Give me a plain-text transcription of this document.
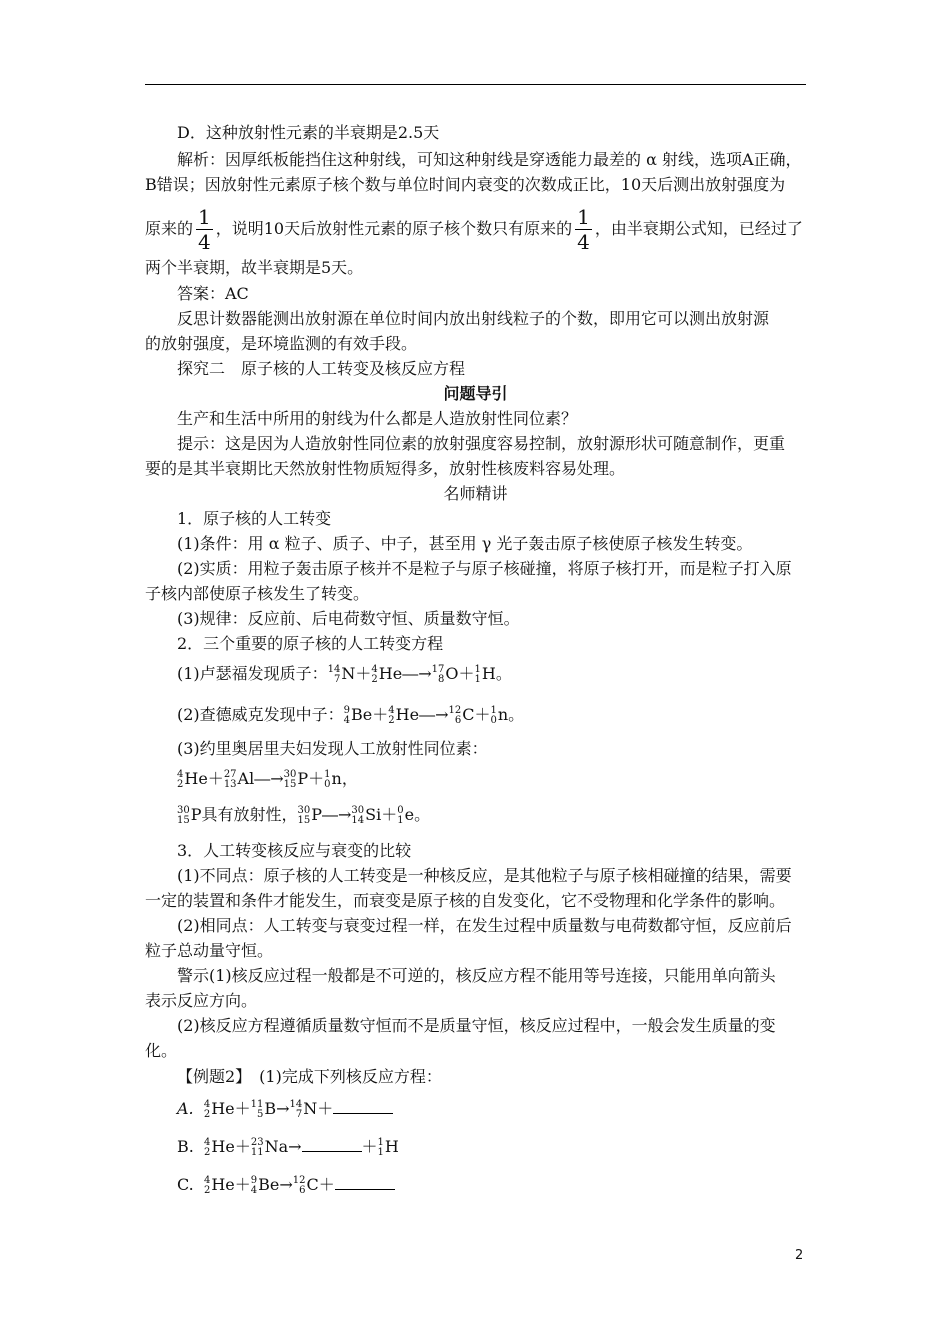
D．这种放射性元素的半衰期是2.5天
解析：因厚纸板能挡住这种射线，可知这种射线是穿透能力最差的 α 射线，选项A正确，
B错误；因放射性元素原子核个数与单位时间内衰变的次数成正比，10天后测出放射强度为
原来的 $\frac{1}{4}$ ，说明10天后放射性元素的原子核个数只有原来的 $\frac{1}{4}$ ，由半衰期公式知，已经过了
两个半衰期，故半衰期是5天。
答案：AC
反思计数器能测出放射源在单位时间内放出射线粒子的个数，即用它可以测出放射源
的放射强度，是环境监测的有效手段。
探究二　原子核的人工转变及核反应方程
问题导引
生产和生活中所用的射线为什么都是人造放射性同位素？
提示：这是因为人造放射性同位素的放射强度容易控制，放射源形状可随意制作，更重
要的是其半衰期比天然放射性物质短得多，放射性核废料容易处理。
名师精讲
1．原子核的人工转变
(1)条件：用 α 粒子、质子、中子，甚至用 γ 光子轰击原子核使原子核发生转变。
(2)实质：用粒子轰击原子核并不是粒子与原子核碰撞，将原子核打开，而是粒子打入原
子核内部使原子核发生了转变。
(3)规律：反应前、后电荷数守恒、质量数守恒。
2．三个重要的原子核的人工转变方程
(1)卢瑟福发现质子： 14
7 N＋ 4
2 He―→ 17
8 O＋ 1
1 H。
(2)查德威克发现中子： 9
4 Be＋ 4
2 He―→ 12
6 C＋ 1
0 n。
(3)约里奥居里夫妇发现人工放射性同位素：
4
2 He＋ 27
13 Al―→ 30
15 P＋ 1
0 n，
30
15 P具有放射性， 30
15 P―→ 30
14 Si＋ 0
1 e。
3．人工转变核反应与衰变的比较
(1)不同点：原子核的人工转变是一种核反应，是其他粒子与原子核相碰撞的结果，需要
一定的装置和条件才能发生，而衰变是原子核的自发变化，它不受物理和化学条件的影响。
(2)相同点：人工转变与衰变过程一样，在发生过程中质量数与电荷数都守恒，反应前后
粒子总动量守恒。
警示(1)核反应过程一般都是不可逆的，核反应方程不能用等号连接，只能用单向箭头
表示反应方向。
(2)核反应方程遵循质量数守恒而不是质量守恒，核反应过程中，一般会发生质量的变
化。
【例题2】　(1)完成下列核反应方程：
A. 4
2 He＋ 11
5 B→ 14
7 N＋
B. 4
2 He＋ 23
11 Na→	＋ 1
1 H
C. 4
2 He＋ 9
4 Be→ 12
6 C＋
2
